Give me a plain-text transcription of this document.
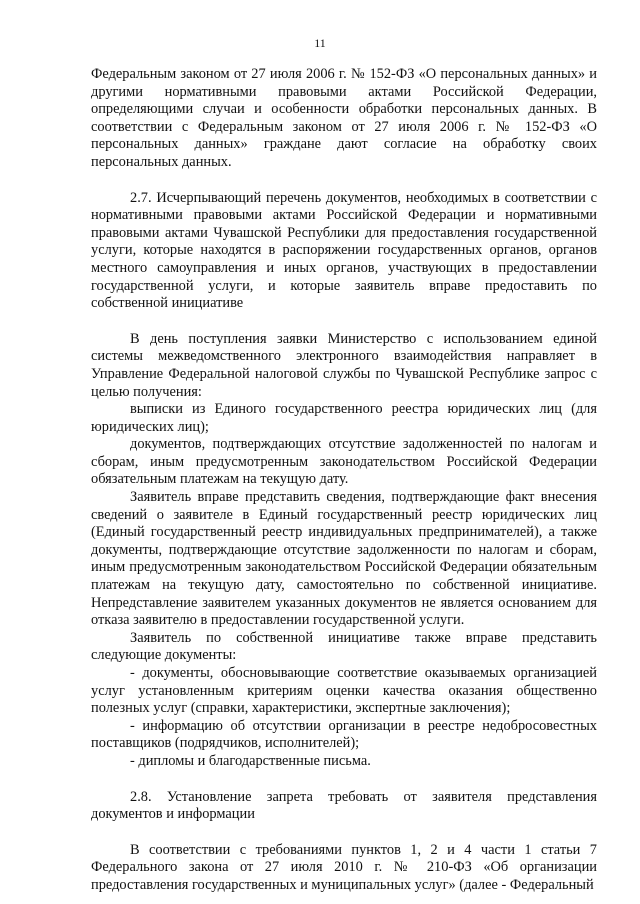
11

Федеральным законом от 27 июля 2006 г. № 152-ФЗ «О персональных данных» и другими нормативными правовыми актами Российской Федерации, определяющими случаи и особенности обработки персональных данных. В соответствии с Федеральным законом от 27 июля 2006 г. № 152-ФЗ «О персональных данных» граждане дают согласие на обработку своих персональных данных.

2.7. Исчерпывающий перечень документов, необходимых в соответствии с нормативными правовыми актами Российской Федерации и нормативными правовыми актами Чувашской Республики для предоставления государственной услуги, которые находятся в распоряжении государственных органов, органов местного самоуправления и иных органов, участвующих в предоставлении государственной услуги, и которые заявитель вправе предоставить по собственной инициативе

В день поступления заявки Министерство с использованием единой системы межведомственного электронного взаимодействия направляет в Управление Федеральной налоговой службы по Чувашской Республике запрос с целью получения:

выписки из Единого государственного реестра юридических лиц (для юридических лиц);

документов, подтверждающих отсутствие задолженностей по налогам и сборам, иным предусмотренным законодательством Российской Федерации обязательным платежам на текущую дату.

Заявитель вправе представить сведения, подтверждающие факт внесения сведений о заявителе в Единый государственный реестр юридических лиц (Единый государственный реестр индивидуальных предпринимателей), а также документы, подтверждающие отсутствие задолженности по налогам и сборам, иным предусмотренным законодательством Российской Федерации обязательным платежам на текущую дату, самостоятельно по собственной инициативе. Непредставление заявителем указанных документов не является основанием для отказа заявителю в предоставлении государственной услуги.

Заявитель по собственной инициативе также вправе представить следующие документы:

- документы, обосновывающие соответствие оказываемых организацией услуг установленным критериям оценки качества оказания общественно полезных услуг (справки, характеристики, экспертные заключения);

- информацию об отсутствии организации в реестре недобросовестных поставщиков (подрядчиков, исполнителей);

- дипломы и благодарственные письма.

2.8. Установление запрета требовать от заявителя представления документов и информации

В соответствии с требованиями пунктов 1, 2 и 4 части 1 статьи 7 Федерального закона от 27 июля 2010 г. № 210-ФЗ «Об организации предоставления государственных и муниципальных услуг» (далее - Федеральный
